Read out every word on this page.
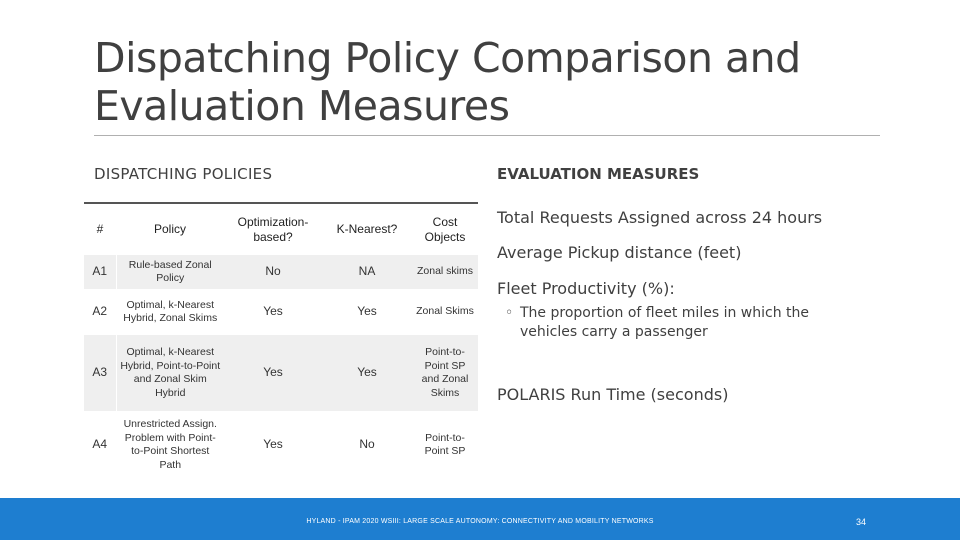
Dispatching Policy Comparison and
Evaluation Measures
DISPATCHING POLICIES	EVALUATION MEASURES
#	Policy	Optimization-based?	K-Nearest?	Cost Objects
A1	Rule-based Zonal Policy	No	NA	Zonal skims
A2	Optimal, k-Nearest Hybrid, Zonal Skims	Yes	Yes	Zonal Skims
A3	Optimal, k-Nearest Hybrid, Point-to-Point and Zonal Skim Hybrid	Yes	Yes	Point-to-Point SP and Zonal Skims
A4	Unrestricted Assign. Problem with Point-to-Point Shortest Path	Yes	No	Point-to-Point SP
Total Requests Assigned across 24 hours
Average Pickup distance (feet)
Fleet Productivity (%):
◦ The proportion of fleet miles in which the vehicles carry a passenger
POLARIS Run Time (seconds)
HYLAND - IPAM 2020 WSIII: LARGE SCALE AUTONOMY: CONNECTIVITY AND MOBILITY NETWORKS	34
